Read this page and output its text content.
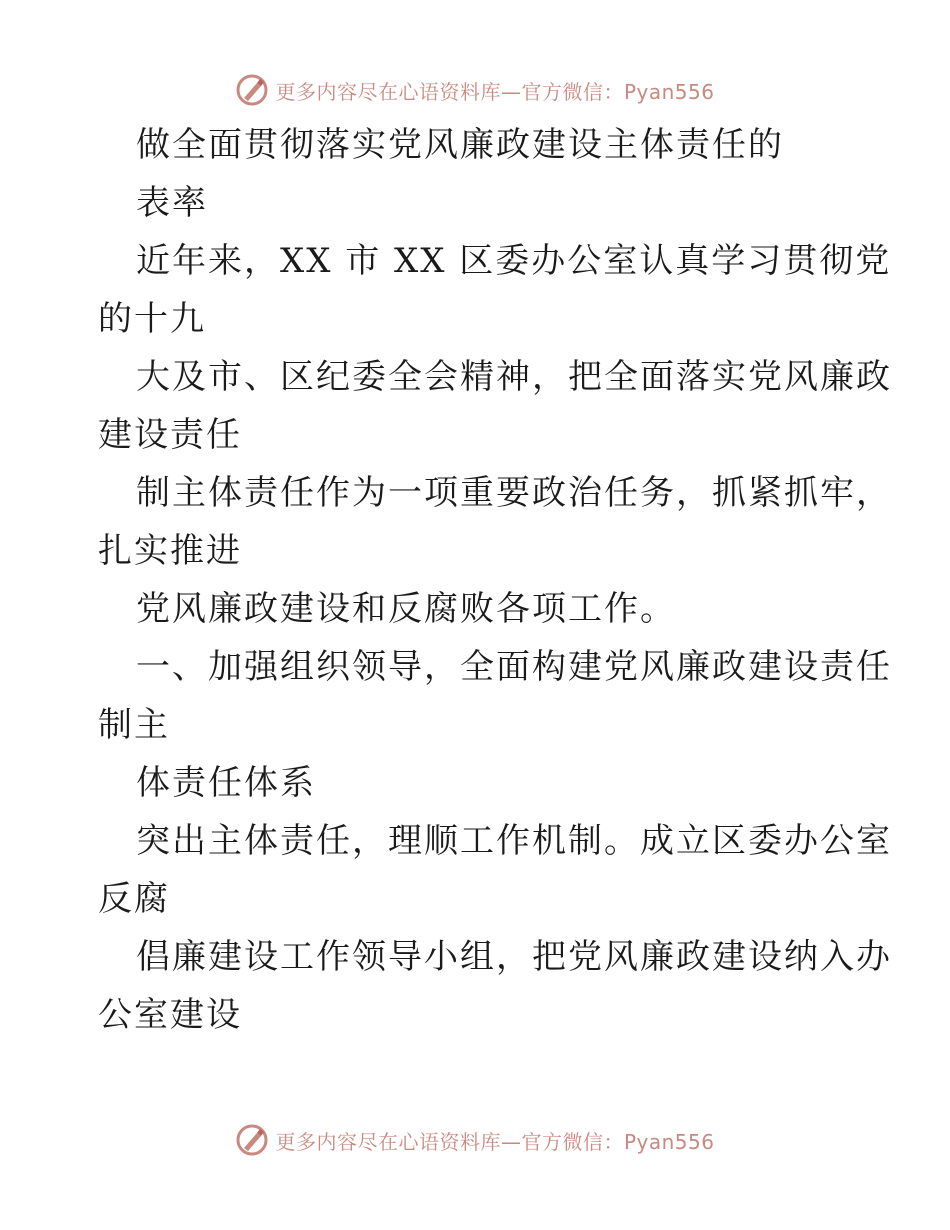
更多内容尽在心语资料库—官方微信：Pyan556
做全面贯彻落实党风廉政建设主体责任的
表率
近年来，XX 市 XX 区委办公室认真学习贯彻党
的十九
大及市、区纪委全会精神，把全面落实党风廉政
建设责任
制主体责任作为一项重要政治任务，抓紧抓牢，
扎实推进
党风廉政建设和反腐败各项工作。
一、加强组织领导，全面构建党风廉政建设责任
制主
体责任体系
突出主体责任，理顺工作机制。成立区委办公室
反腐
倡廉建设工作领导小组，把党风廉政建设纳入办
公室建设
更多内容尽在心语资料库—官方微信：Pyan556
